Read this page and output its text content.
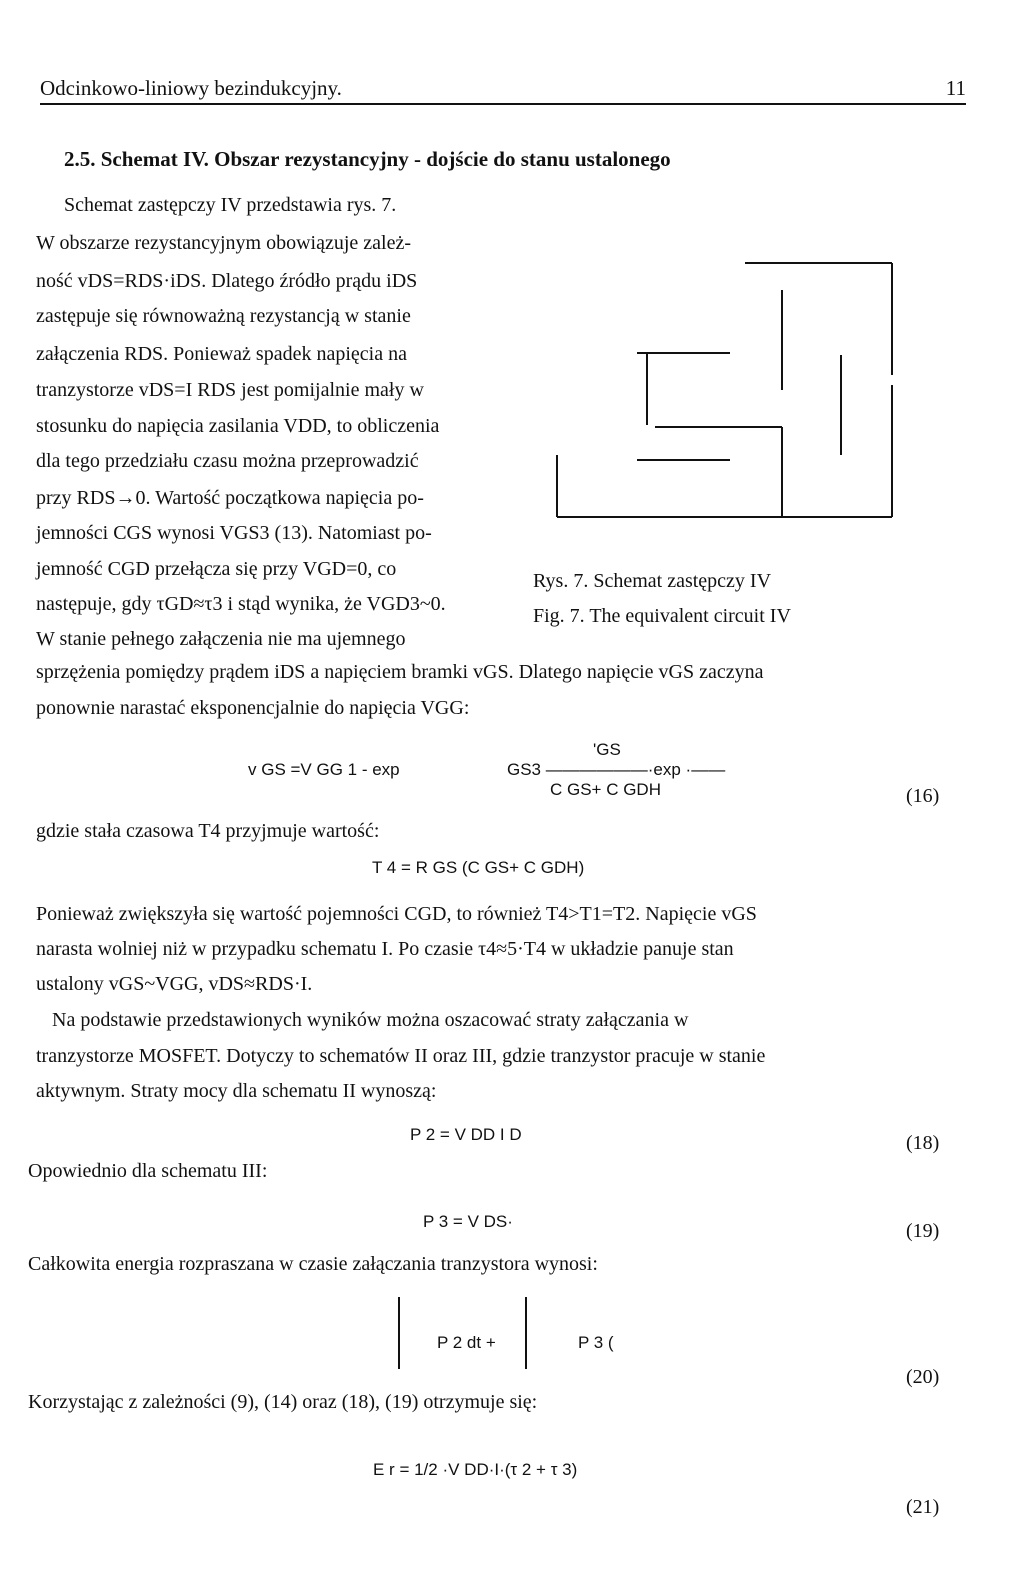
Odcinkowo-liniowy bezindukcyjny.	11
2.5. Schemat IV. Obszar rezystancyjny - dojście do stanu ustalonego
Schemat zastępczy IV przedstawia rys. 7.
W obszarze rezystancyjnym obowiązuje zależ-
ność vDS=RDS·iDS. Dlatego źródło prądu iDS
zastępuje się równoważną rezystancją w stanie
załączenia RDS. Ponieważ spadek napięcia na
tranzystorze vDS=I RDS jest pomijalnie mały w
stosunku do napięcia zasilania VDD, to obliczenia
dla tego przedziału czasu można przeprowadzić
przy RDS→0. Wartość początkowa napięcia po-
jemności CGS wynosi VGS3 (13). Natomiast po-
jemność CGD przełącza się przy VGD=0, co
następuje, gdy τGD≈τ3 i stąd wynika, że VGD3~0.
W stanie pełnego załączenia nie ma ujemnego
Rys. 7. Schemat zastępczy IV
Fig. 7. The equivalent circuit IV
sprzężenia pomiędzy prądem iDS a napięciem bramki vGS. Dlatego napięcie vGS zaczyna
ponownie narastać eksponencjalnie do napięcia VGG:
v GS =V GG 1 - exp
'GS
GS3 ——————·exp ·——
C GS+ C GDH	(16)
gdzie stała czasowa T4 przyjmuje wartość:
T 4 = R GS (C GS+ C GDH)
Ponieważ zwiększyła się wartość pojemności CGD, to również T4>T1=T2. Napięcie vGS
narasta wolniej niż w przypadku schematu I. Po czasie τ4≈5·T4 w układzie panuje stan
ustalony vGS~VGG, vDS≈RDS·I.
Na podstawie przedstawionych wyników można oszacować straty załączania w
tranzystorze MOSFET. Dotyczy to schematów II oraz III, gdzie tranzystor pracuje w stanie
aktywnym. Straty mocy dla schematu II wynoszą:
P 2 = V DD I D	(18)
Opowiednio dla schematu III:
P 3 = V DS·	(19)
Całkowita energia rozpraszana w czasie załączania tranzystora wynosi:
P 2 dt +	P 3 (
(20)
Korzystając z zależności (9), (14) oraz (18), (19) otrzymuje się:
E r = 1/2 ·V DD·I·(τ 2 + τ 3)
(21)
